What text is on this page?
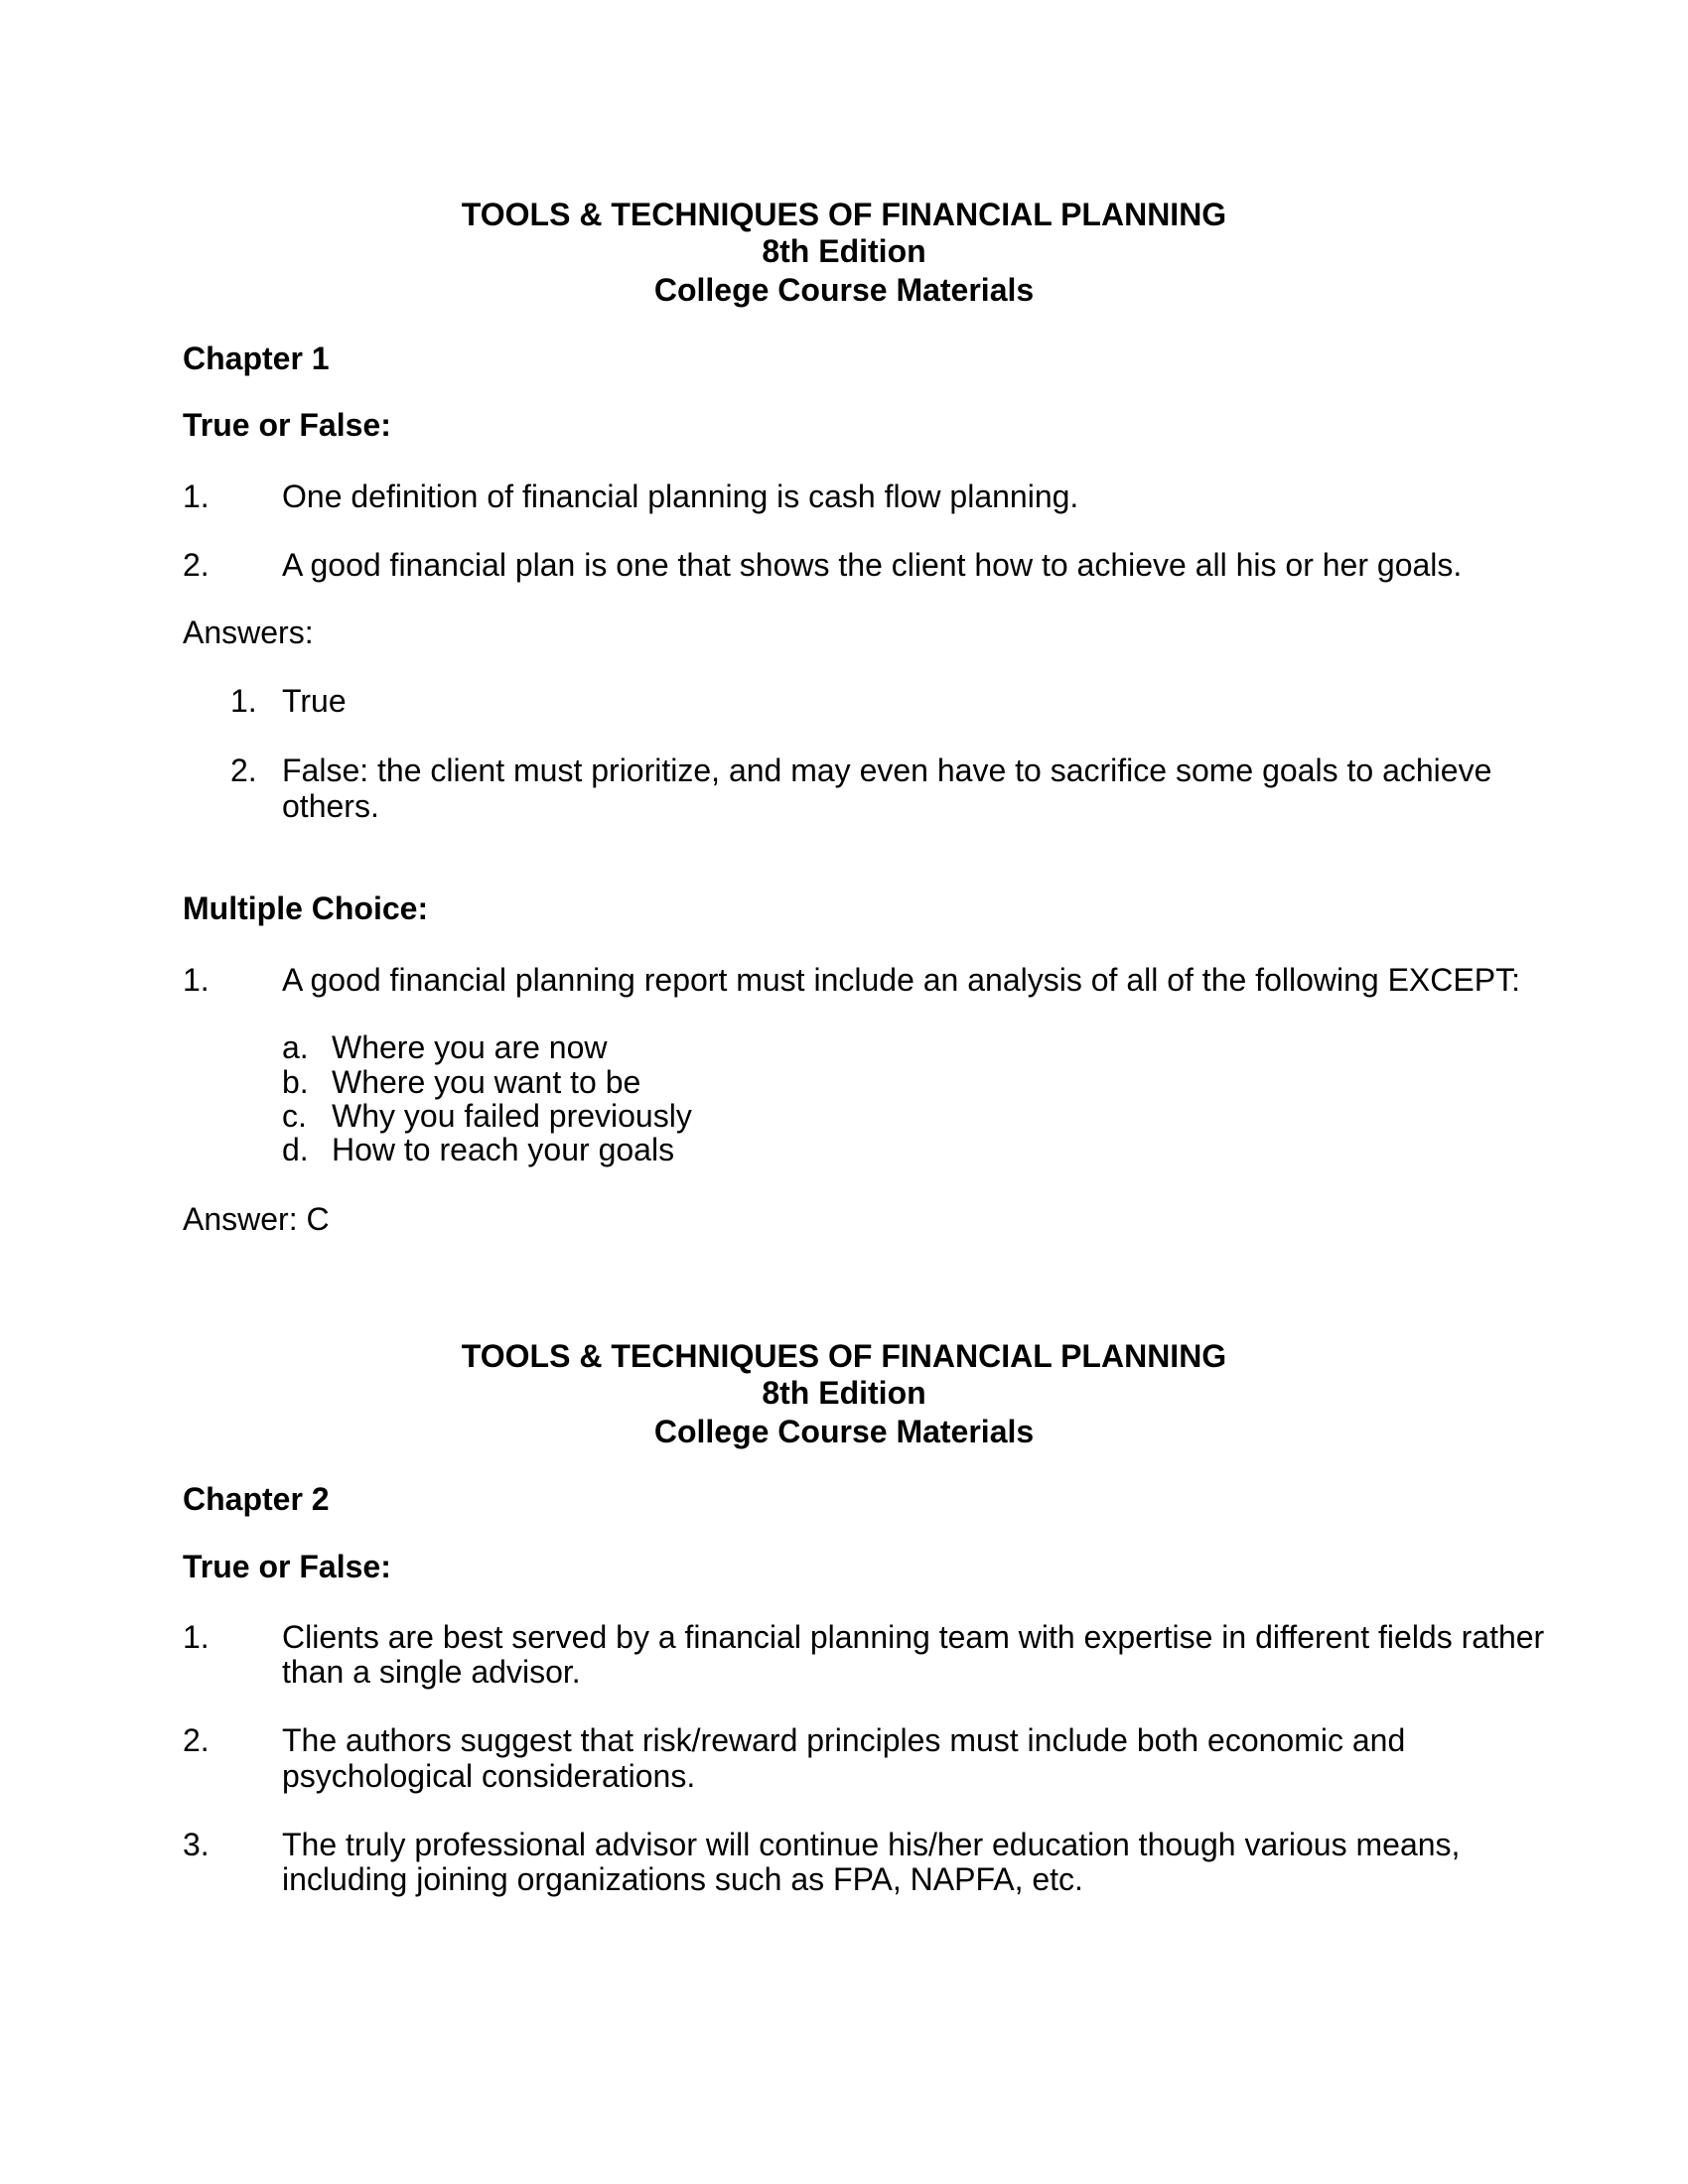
TOOLS & TECHNIQUES OF FINANCIAL PLANNING
8th Edition
College Course Materials
Chapter 1
True or False:
1. One definition of financial planning is cash flow planning.
2. A good financial plan is one that shows the client how to achieve all his or her goals.
Answers:
1. True
2. False: the client must prioritize, and may even have to sacrifice some goals to achieve
others.
Multiple Choice:
1. A good financial planning report must include an analysis of all of the following EXCEPT:
a. Where you are now
b. Where you want to be
c. Why you failed previously
d. How to reach your goals
Answer: C
TOOLS & TECHNIQUES OF FINANCIAL PLANNING
8th Edition
College Course Materials
Chapter 2
True or False:
1. Clients are best served by a financial planning team with expertise in different fields rather
than a single advisor.
2. The authors suggest that risk/reward principles must include both economic and
psychological considerations.
3. The truly professional advisor will continue his/her education though various means,
including joining organizations such as FPA, NAPFA, etc.
